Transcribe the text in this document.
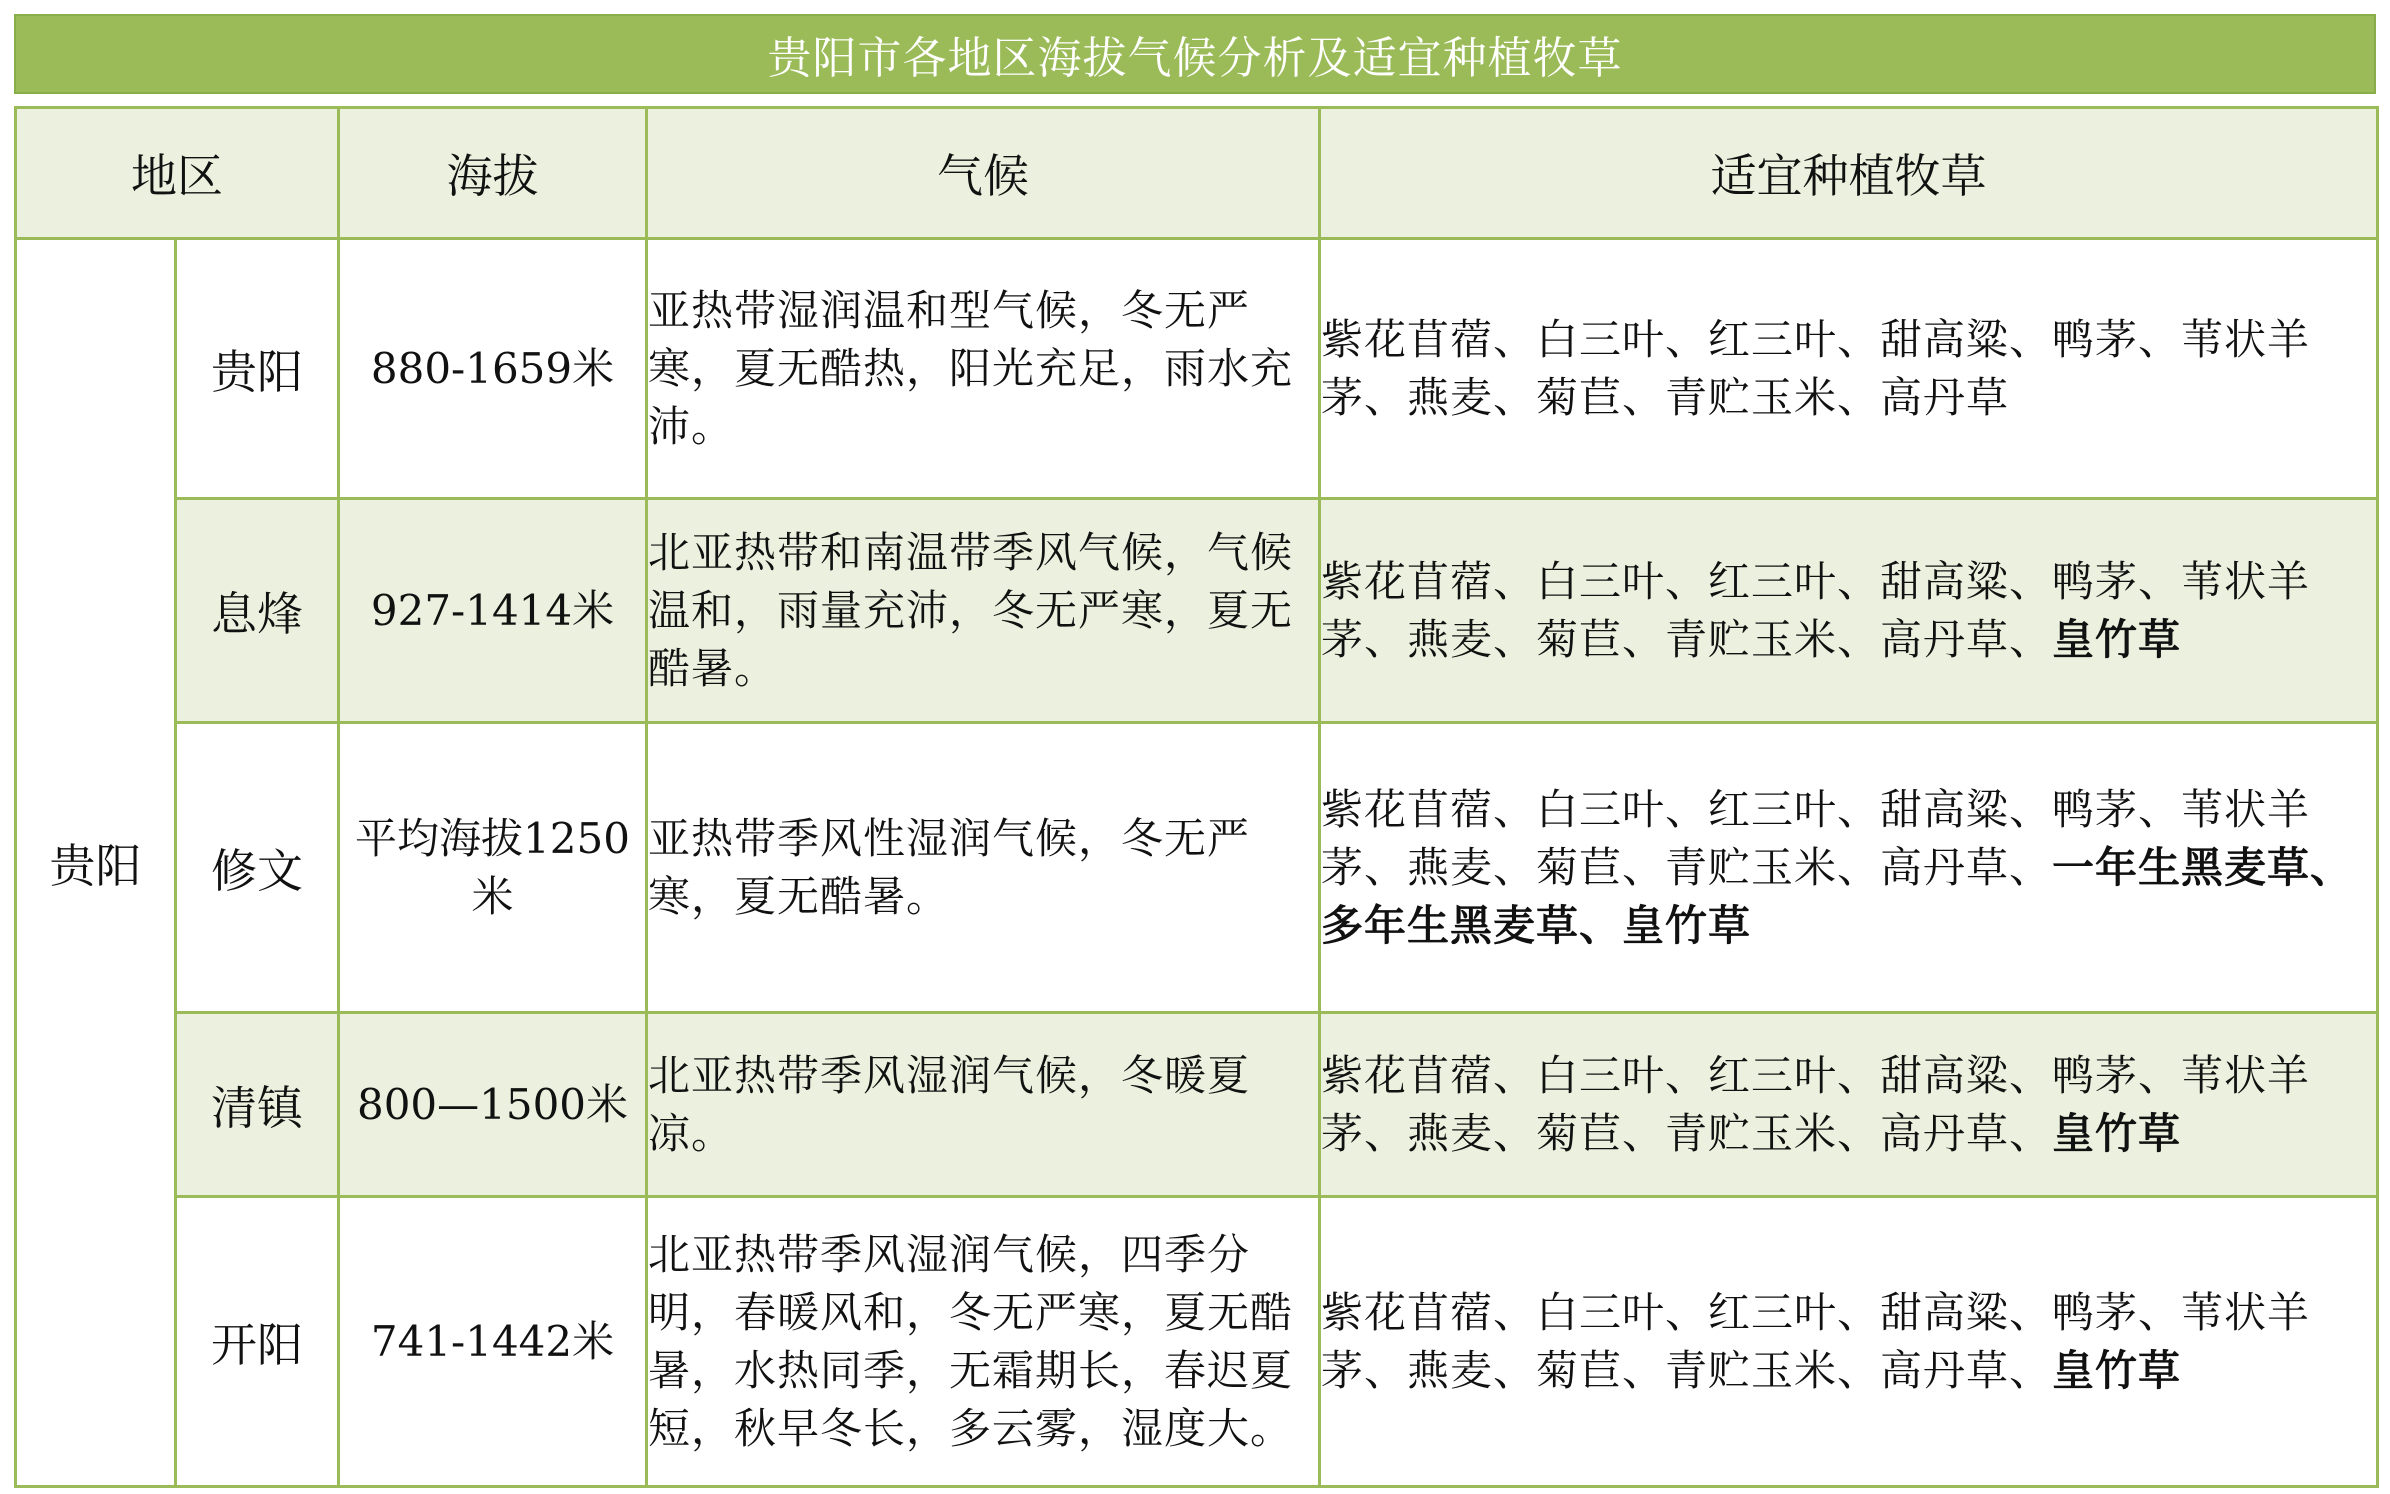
贵阳市各地区海拔气候分析及适宜种植牧草
地区		海拔	气候	适宜种植牧草
贵阳	贵阳	880-1659米	亚热带湿润温和型气候，冬无严寒，夏无酷热，阳光充足，雨水充沛。	紫花苜蓿、白三叶、红三叶、甜高粱、鸭茅、苇状羊茅、燕麦、菊苣、青贮玉米、高丹草
	息烽	927-1414米	北亚热带和南温带季风气候，气候温和，雨量充沛，冬无严寒，夏无酷暑。	紫花苜蓿、白三叶、红三叶、甜高粱、鸭茅、苇状羊茅、燕麦、菊苣、青贮玉米、高丹草、皇竹草
	修文	平均海拔1250米	亚热带季风性湿润气候，冬无严寒，夏无酷暑。	紫花苜蓿、白三叶、红三叶、甜高粱、鸭茅、苇状羊茅、燕麦、菊苣、青贮玉米、高丹草、一年生黑麦草、多年生黑麦草、皇竹草
	清镇	800—1500米	北亚热带季风湿润气候，冬暖夏凉。	紫花苜蓿、白三叶、红三叶、甜高粱、鸭茅、苇状羊茅、燕麦、菊苣、青贮玉米、高丹草、皇竹草
	开阳	741-1442米	北亚热带季风湿润气候，四季分明，春暖风和，冬无严寒，夏无酷暑，水热同季，无霜期长，春迟夏短，秋早冬长，多云雾，湿度大。	紫花苜蓿、白三叶、红三叶、甜高粱、鸭茅、苇状羊茅、燕麦、菊苣、青贮玉米、高丹草、皇竹草
